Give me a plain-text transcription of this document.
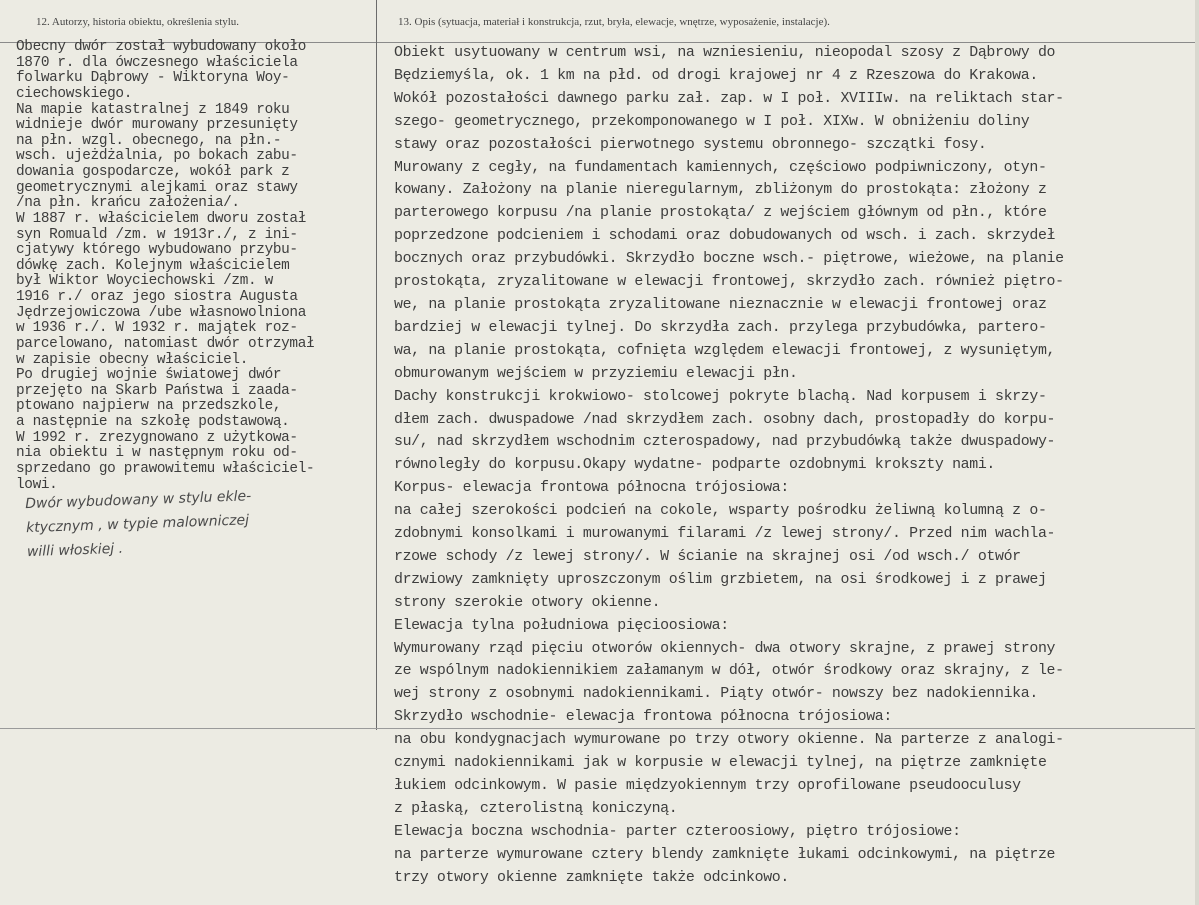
12. Autorzy, historia obiektu, określenia stylu.	13. Opis (sytuacja, materiał i konstrukcja, rzut, bryła, elewacje, wnętrze, wyposażenie, instalacje).
Obecny dwór został wybudowany około
1870 r. dla ówczesnego właściciela
folwarku Dąbrowy - Wiktoryna Woy-
ciechowskiego.
Na mapie katastralnej z 1849 roku
widnieje dwór murowany przesunięty
na płn. wzgl. obecnego, na płn.-
wsch. ujeżdżalnia, po bokach zabu-
dowania gospodarcze, wokół park z
geometrycznymi alejkami oraz stawy
/na płn. krańcu założenia/.
W 1887 r. właścicielem dworu został
syn Romuald /zm. w 1913r./, z ini-
cjatywy którego wybudowano przybu-
dówkę zach. Kolejnym właścicielem
był Wiktor Woyciechowski /zm. w
1916 r./ oraz jego siostra Augusta
Jędrzejowiczowa /ube własnowolniona
w 1936 r./. W 1932 r. majątek roz-
parcelowano, natomiast dwór otrzymał
w zapisie obecny właściciel.
Po drugiej wojnie światowej dwór
przejęto na Skarb Państwa i zaada-
ptowano najpierw na przedszkole,
a następnie na szkołę podstawową.
W 1992 r. zrezygnowano z użytkowa-
nia obiektu i w następnym roku od-
sprzedano go prawowitemu właściciel-
lowi.
Dwór wybudowany w stylu ekle-
ktycznym , w typie malowniczej
willi włoskiej .
Obiekt usytuowany w centrum wsi, na wzniesieniu, nieopodal szosy z Dąbrowy do
Będziemyśla, ok. 1 km na płd. od drogi krajowej nr 4 z Rzeszowa do Krakowa.
Wokół pozostałości dawnego parku zał. zap. w I poł. XVIIIw. na reliktach star-
szego- geometrycznego, przekomponowanego w I poł. XIXw. W obniżeniu doliny
stawy oraz pozostałości pierwotnego systemu obronnego- szczątki fosy.
Murowany z cegły, na fundamentach kamiennych, częściowo podpiwniczony, otyn-
kowany. Założony na planie nieregularnym, zbliżonym do prostokąta: złożony z
parterowego korpusu /na planie prostokąta/ z wejściem głównym od płn., które
poprzedzone podcieniem i schodami oraz dobudowanych od wsch. i zach. skrzydeł
bocznych oraz przybudówki. Skrzydło boczne wsch.- piętrowe, wieżowe, na planie
prostokąta, zryzalitowane w elewacji frontowej, skrzydło zach. również piętro-
we, na planie prostokąta zryzalitowane nieznacznie w elewacji frontowej oraz
bardziej w elewacji tylnej. Do skrzydła zach. przylega przybudówka, partero-
wa, na planie prostokąta, cofnięta względem elewacji frontowej, z wysuniętym,
obmurowanym wejściem w przyziemiu elewacji płn.
Dachy konstrukcji krokwiowo- stolcowej pokryte blachą. Nad korpusem i skrzy-
dłem zach. dwuspadowe /nad skrzydłem zach. osobny dach, prostopadły do korpu-
su/, nad skrzydłem wschodnim czterospadowy, nad przybudówką także dwuspadowy-
równoległy do korpusu.Okapy wydatne- podparte ozdobnymi krokszty nami.
Korpus- elewacja frontowa północna trójosiowa:
na całej szerokości podcień na cokole, wsparty pośrodku żeliwną kolumną z o-
zdobnymi konsolkami i murowanymi filarami /z lewej strony/. Przed nim wachla-
rzowe schody /z lewej strony/. W ścianie na skrajnej osi /od wsch./ otwór
drzwiowy zamknięty uproszczonym oślim grzbietem, na osi środkowej i z prawej
strony szerokie otwory okienne.
Elewacja tylna południowa pięcioosiowa:
Wymurowany rząd pięciu otworów okiennych- dwa otwory skrajne, z prawej strony
ze wspólnym nadokiennikiem załamanym w dół, otwór środkowy oraz skrajny, z le-
wej strony z osobnymi nadokiennikami. Piąty otwór- nowszy bez nadokiennika.
Skrzydło wschodnie- elewacja frontowa północna trójosiowa:
na obu kondygnacjach wymurowane po trzy otwory okienne. Na parterze z analogi-
cznymi nadokiennikami jak w korpusie w elewacji tylnej, na piętrze zamknięte
łukiem odcinkowym. W pasie międzyokiennym trzy oprofilowane pseudooculusy
z płaską, czterolistną koniczyną.
Elewacja boczna wschodnia- parter czteroosiowy, piętro trójosiowe:
na parterze wymurowane cztery blendy zamknięte łukami odcinkowymi, na piętrze
trzy otwory okienne zamknięte także odcinkowo.
